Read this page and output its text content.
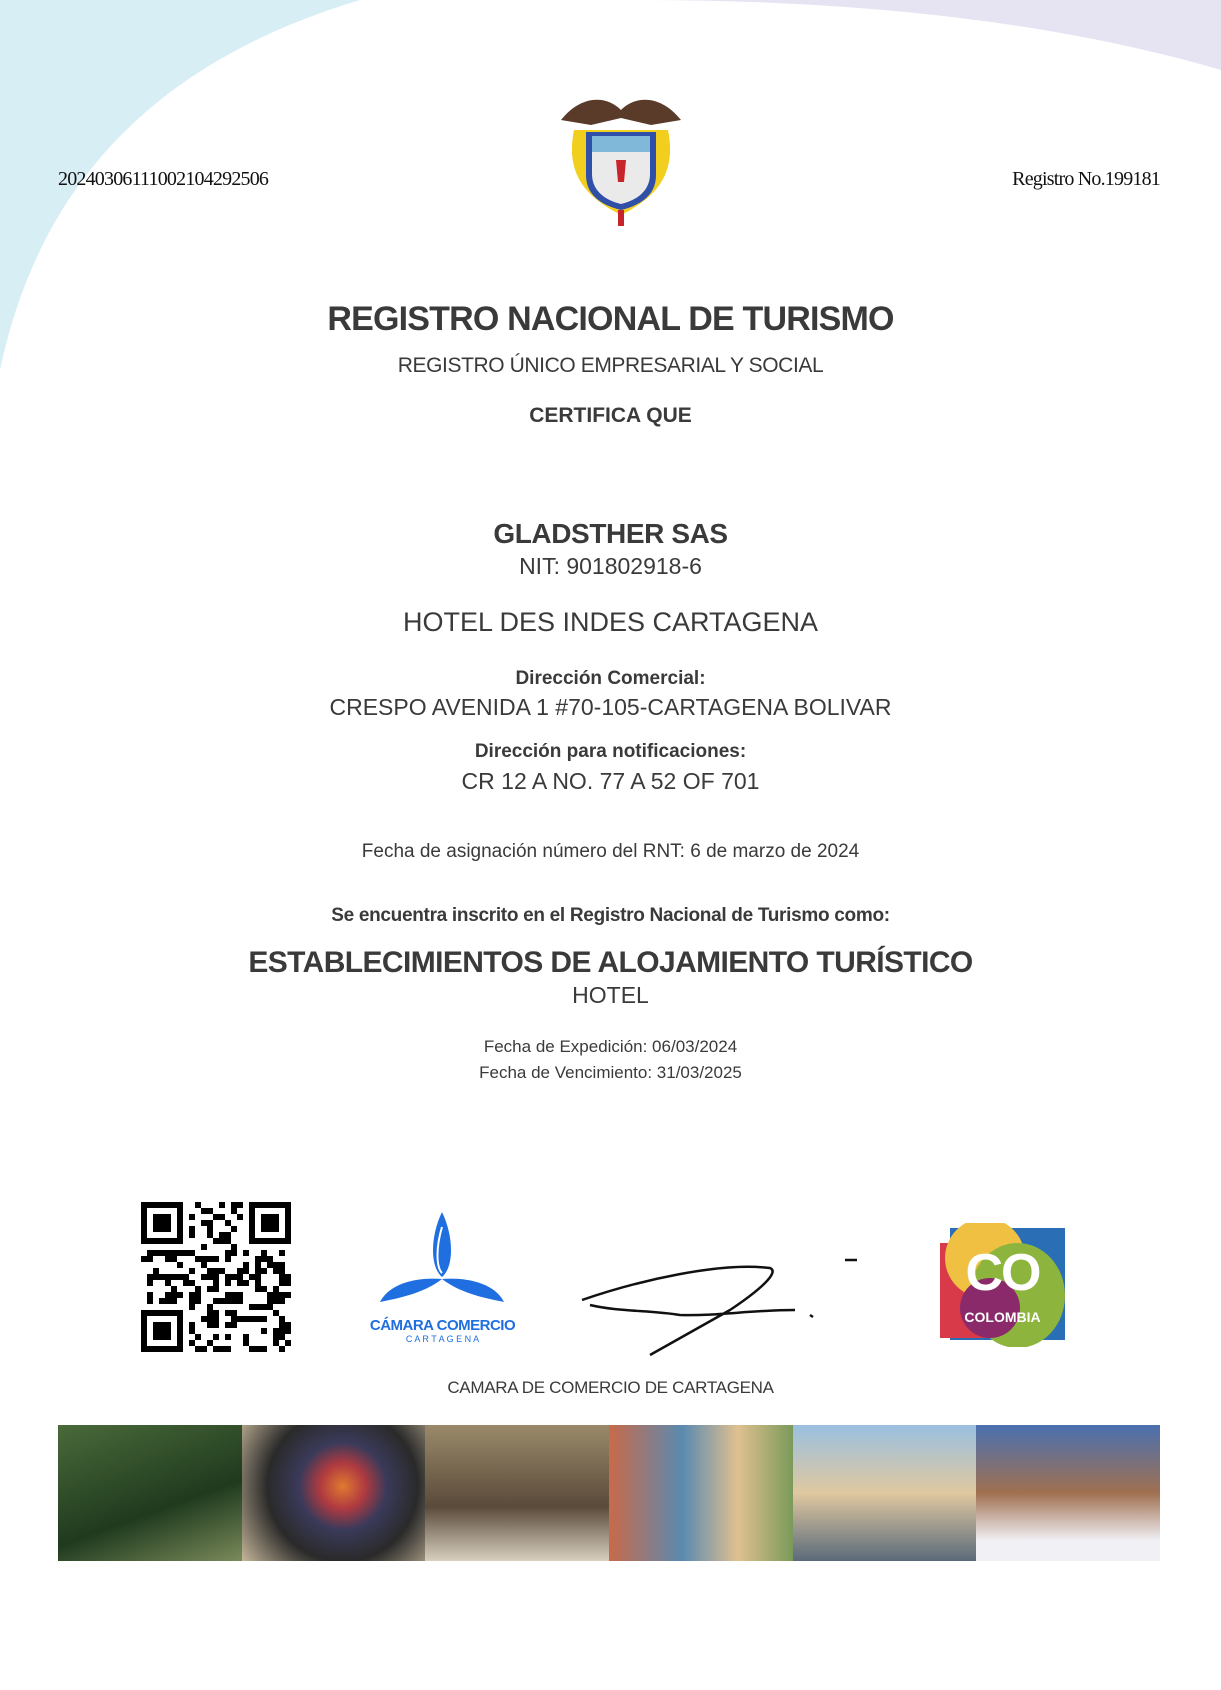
20240306111002104292506	Registro No.199181
REGISTRO NACIONAL DE TURISMO
REGISTRO ÚNICO EMPRESARIAL Y SOCIAL
CERTIFICA QUE
GLADSTHER SAS
NIT: 901802918-6
HOTEL DES INDES CARTAGENA
Dirección Comercial:
CRESPO AVENIDA 1 #70-105-CARTAGENA BOLIVAR
Dirección para notificaciones:
CR 12 A NO. 77 A 52 OF 701
Fecha de asignación número del RNT: 6 de marzo de 2024
Se encuentra inscrito en el Registro Nacional de Turismo como:
ESTABLECIMIENTOS DE ALOJAMIENTO TURÍSTICO
HOTEL
Fecha de Expedición: 06/03/2024
Fecha de Vencimiento: 31/03/2025
CÁMARA COMERCIO
C A R T A G E N A
CO
COLOMBIA
CAMARA DE COMERCIO DE CARTAGENA
